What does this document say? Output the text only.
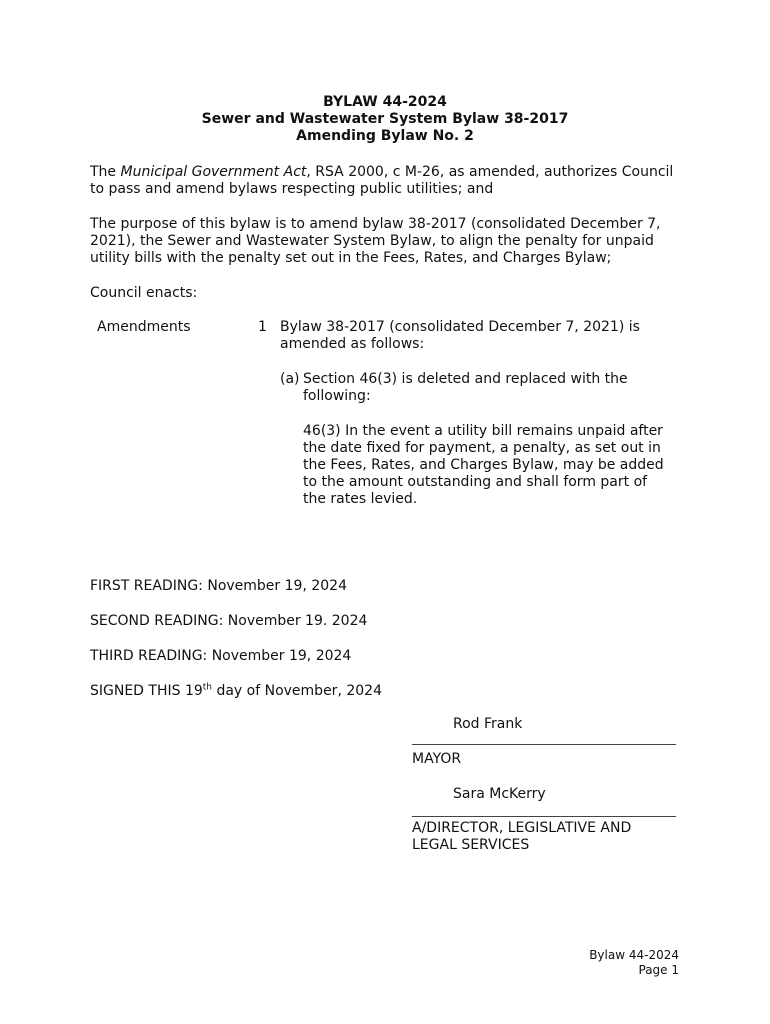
BYLAW 44-2024
Sewer and Wastewater System Bylaw 38-2017
Amending Bylaw No. 2
The Municipal Government Act, RSA 2000, c M-26, as amended, authorizes Council
to pass and amend bylaws respecting public utilities; and
The purpose of this bylaw is to amend bylaw 38-2017 (consolidated December 7,
2021), the Sewer and Wastewater System Bylaw, to align the penalty for unpaid
utility bills with the penalty set out in the Fees, Rates, and Charges Bylaw;
Council enacts:
Amendments	1 Bylaw 38-2017 (consolidated December 7, 2021) is
amended as follows:
(a) Section 46(3) is deleted and replaced with the
following:
46(3) In the event a utility bill remains unpaid after
the date fixed for payment, a penalty, as set out in
the Fees, Rates, and Charges Bylaw, may be added
to the amount outstanding and shall form part of
the rates levied.
FIRST READING: November 19, 2024
SECOND READING: November 19. 2024
THIRD READING: November 19, 2024
SIGNED THIS 19th day of November, 2024
Rod Frank
MAYOR
Sara McKerry
A/DIRECTOR, LEGISLATIVE AND
LEGAL SERVICES
Bylaw 44-2024
Page 1
